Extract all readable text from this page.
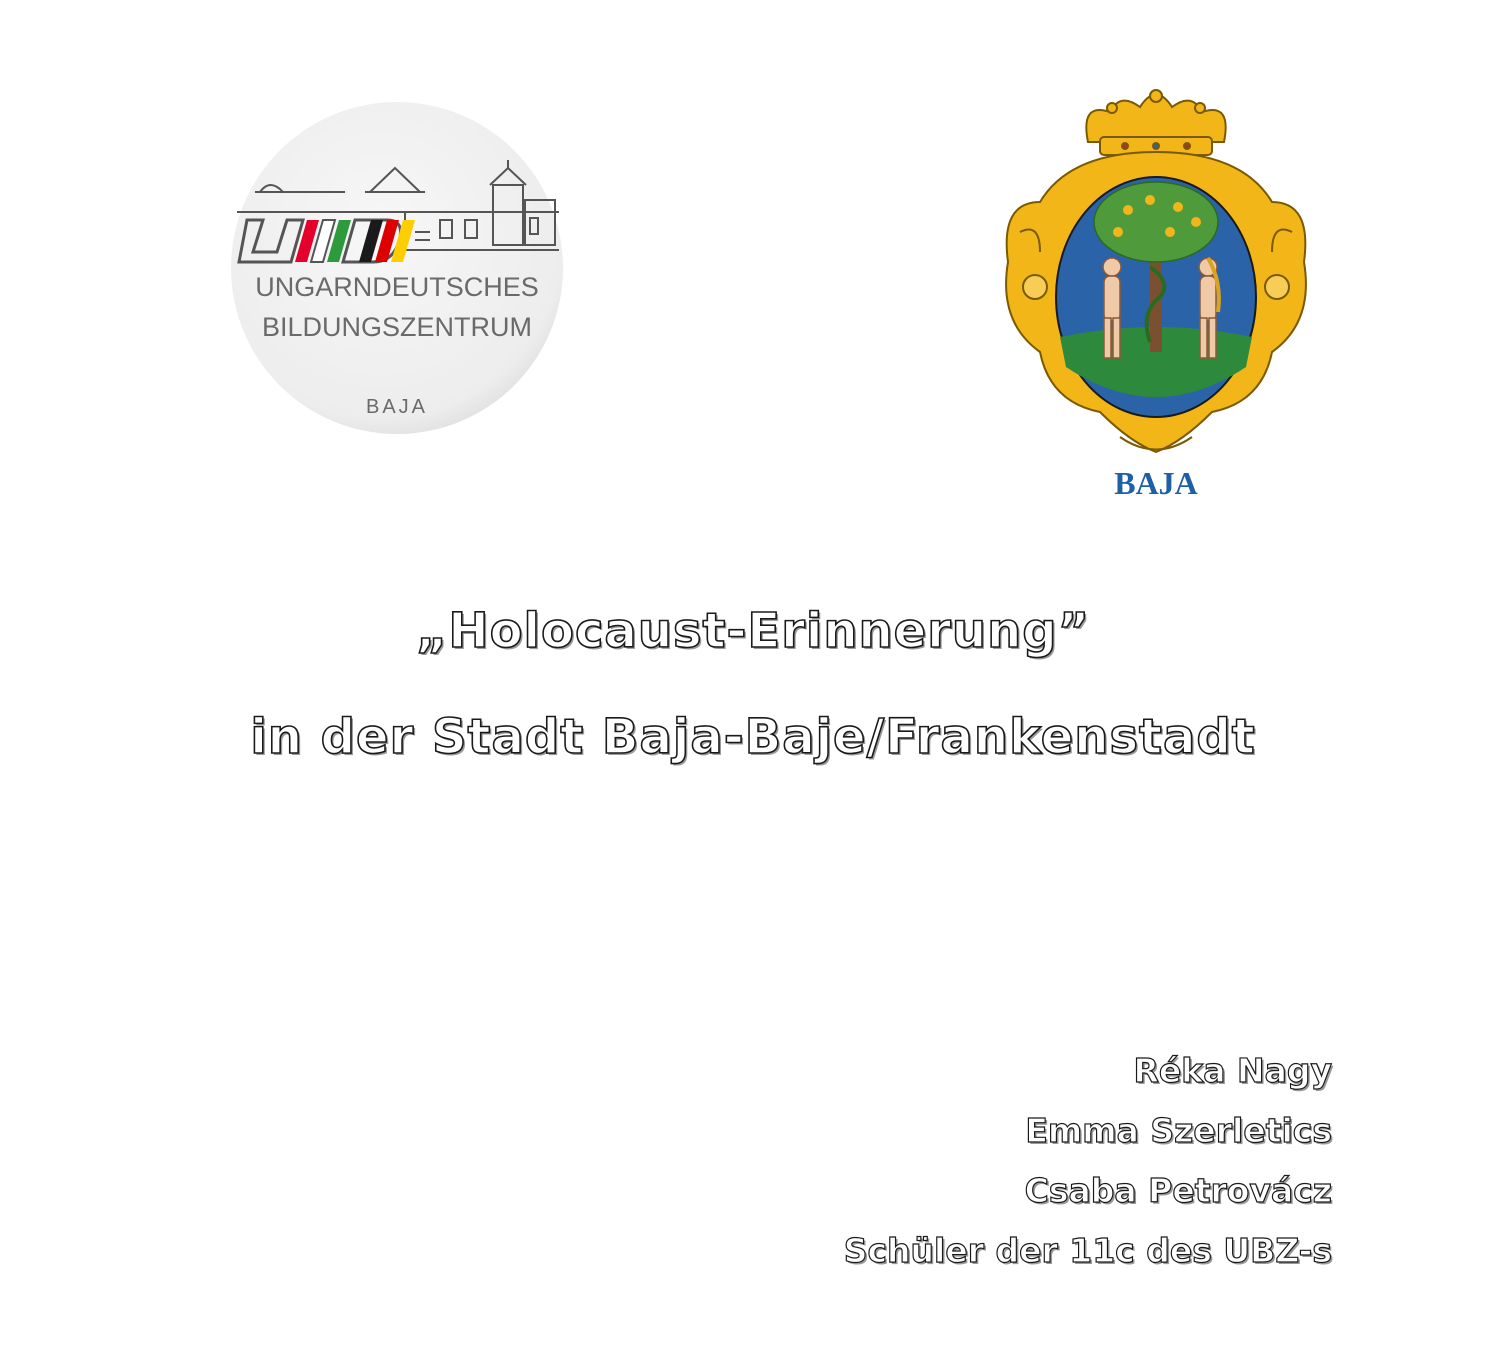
UNGARNDEUTSCHES
BILDUNGSZENTRUM
BAJA
BAJA
„Holocaust-Erinnerung”
in der Stadt Baja-Baje/Frankenstadt
Réka Nagy
Emma Szerletics
Csaba Petrovácz
Schüler der 11c des UBZ-s
